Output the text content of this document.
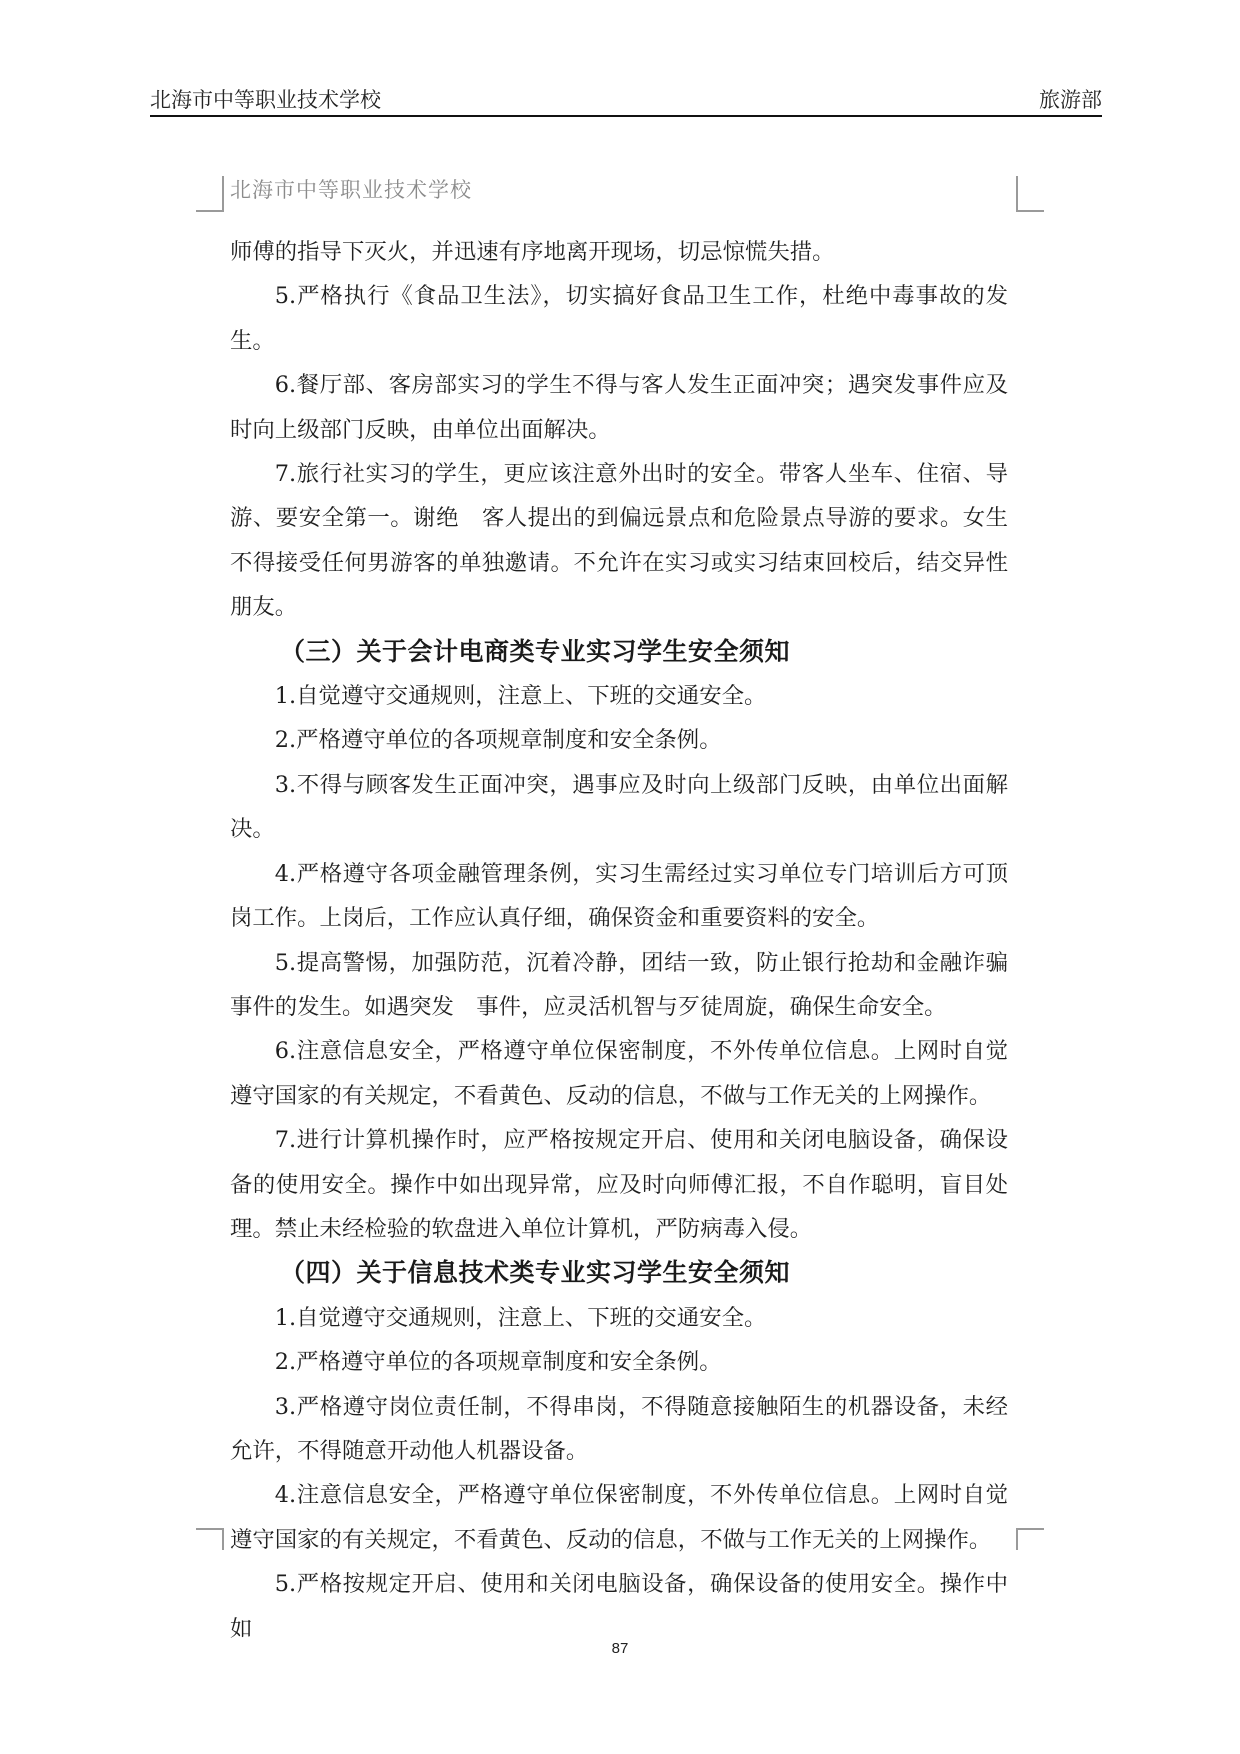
北海市中等职业技术学校	旅游部
北海市中等职业技术学校

师傅的指导下灭火，并迅速有序地离开现场，切忌惊慌失措。

5.严格执行《食品卫生法》，切实搞好食品卫生工作，杜绝中毒事故的发生。

6.餐厅部、客房部实习的学生不得与客人发生正面冲突；遇突发事件应及时向上级部门反映，由单位出面解决。

7.旅行社实习的学生，更应该注意外出时的安全。带客人坐车、住宿、导游、要安全第一。谢绝　客人提出的到偏远景点和危险景点导游的要求。女生不得接受任何男游客的单独邀请。不允许在实习或实习结束回校后，结交异性朋友。

（三）关于会计电商类专业实习学生安全须知

1.自觉遵守交通规则，注意上、下班的交通安全。

2.严格遵守单位的各项规章制度和安全条例。

3.不得与顾客发生正面冲突，遇事应及时向上级部门反映，由单位出面解决。

4.严格遵守各项金融管理条例，实习生需经过实习单位专门培训后方可顶岗工作。上岗后，工作应认真仔细，确保资金和重要资料的安全。

5.提高警惕，加强防范，沉着冷静，团结一致，防止银行抢劫和金融诈骗事件的发生。如遇突发　事件，应灵活机智与歹徒周旋，确保生命安全。

6.注意信息安全，严格遵守单位保密制度，不外传单位信息。上网时自觉遵守国家的有关规定，不看黄色、反动的信息，不做与工作无关的上网操作。

7.进行计算机操作时，应严格按规定开启、使用和关闭电脑设备，确保设备的使用安全。操作中如出现异常，应及时向师傅汇报，不自作聪明，盲目处理。禁止未经检验的软盘进入单位计算机，严防病毒入侵。

（四）关于信息技术类专业实习学生安全须知

1.自觉遵守交通规则，注意上、下班的交通安全。

2.严格遵守单位的各项规章制度和安全条例。

3.严格遵守岗位责任制，不得串岗，不得随意接触陌生的机器设备，未经允许，不得随意开动他人机器设备。

4.注意信息安全，严格遵守单位保密制度，不外传单位信息。上网时自觉遵守国家的有关规定，不看黄色、反动的信息，不做与工作无关的上网操作。

5.严格按规定开启、使用和关闭电脑设备，确保设备的使用安全。操作中如

87
